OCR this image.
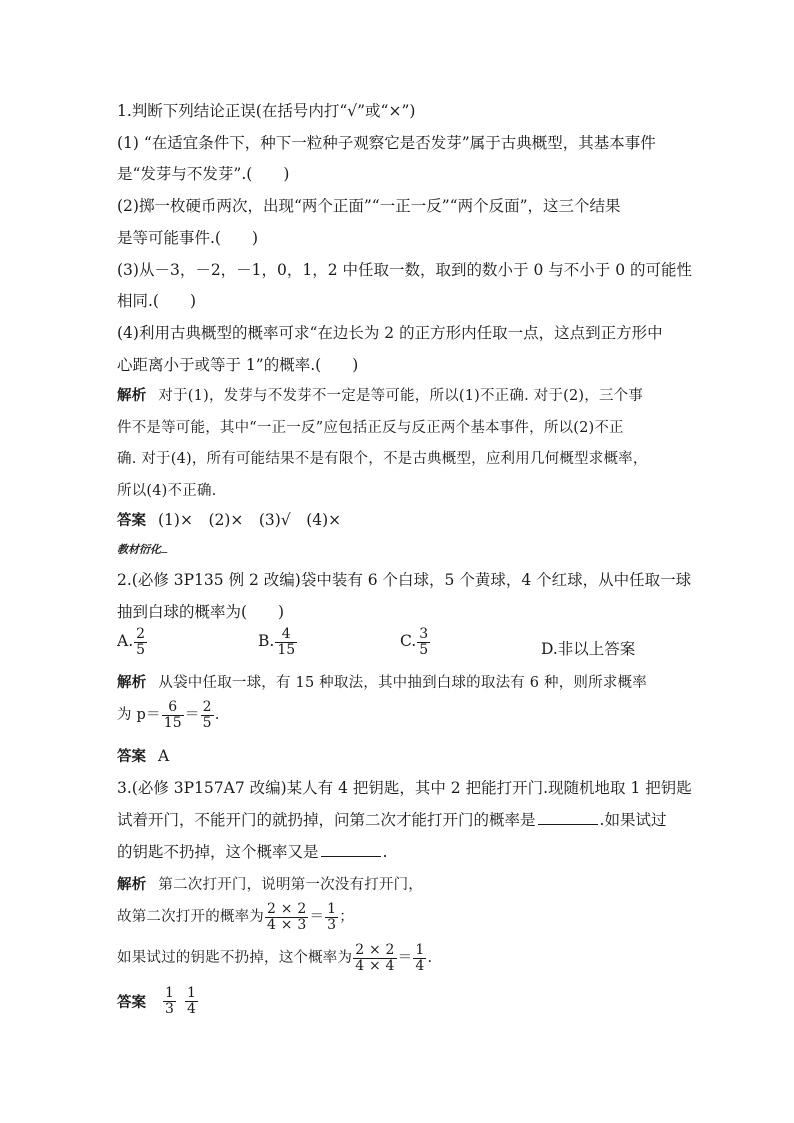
1.判断下列结论正误(在括号内打“√”或“×”)
(1) “在适宜条件下，种下一粒种子观察它是否发芽”属于古典概型，其基本事件
是“发芽与不发芽”.(　　)
(2)掷一枚硬币两次，出现“两个正面”“一正一反”“两个反面”，这三个结果
是等可能事件.(　　)
(3)从－3，－2，－1，0，1，2 中任取一数，取到的数小于 0 与不小于 0 的可能性
相同.(　　)
(4)利用古典概型的概率可求“在边长为 2 的正方形内任取一点，这点到正方形中
心距离小于或等于 1”的概率.(　　)
解析 对于(1)，发芽与不发芽不一定是等可能，所以(1)不正确. 对于(2)，三个事
件不是等可能，其中“一正一反”应包括正反与反正两个基本事件，所以(2)不正
确. 对于(4)，所有可能结果不是有限个，不是古典概型，应利用几何概型求概率，
所以(4)不正确.
答案 (1)×　(2)×　(3)√　(4)×
教材衍化
2.(必修 3P135 例 2 改编)袋中装有 6 个白球，5 个黄球，4 个红球，从中任取一球
抽到白球的概率为(　　)
A. $\frac{2}{5}$	B. $\frac{4}{15}$	C. $\frac{3}{5}$	D.非以上答案
解析 从袋中任取一球，有 15 种取法，其中抽到白球的取法有 6 种，则所求概率
为 $p= \frac{6}{15} = \frac{2}{5}$ .
答案 A
3.(必修 3P157A7 改编)某人有 4 把钥匙，其中 2 把能打开门.现随机地取 1 把钥匙
试着开门，不能开门的就扔掉，问第二次才能打开门的概率是	.如果试过
的钥匙不扔掉，这个概率又是	.
解析 第二次打开门，说明第一次没有打开门，
故第二次打开的概率为 $\frac{2 \times 2}{4 \times 3} = \frac{1}{3}$ ；
如果试过的钥匙不扔掉，这个概率为 $\frac{2 \times 2}{4 \times 4} = \frac{1}{4}$ .
答案	$\frac{1}{3} \frac{1}{4}$
